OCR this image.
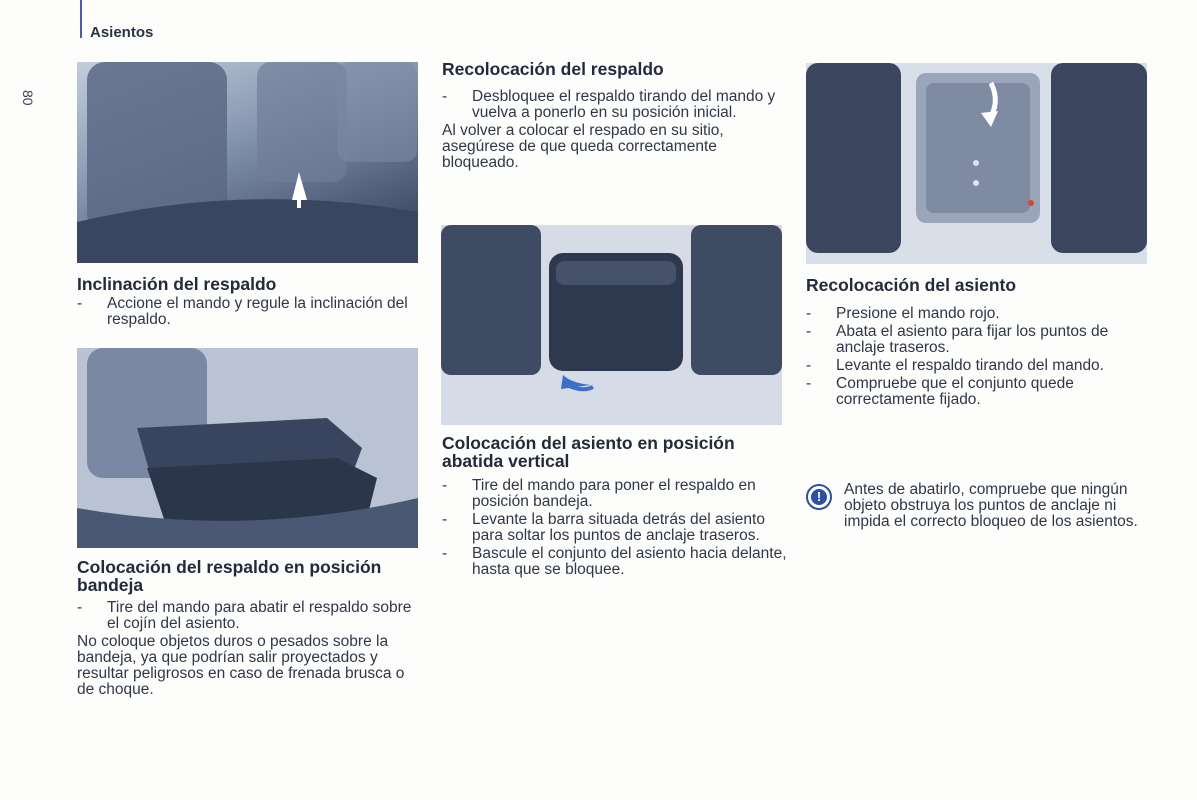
Asientos
80
Inclinación del respaldo
- Accione el mando y regule la inclinación del respaldo.
Colocación del respaldo en posición bandeja
- Tire del mando para abatir el respaldo sobre el cojín del asiento.

No coloque objetos duros o pesados sobre la bandeja, ya que podrían salir proyectados y resultar peligrosos en caso de frenada brusca o de choque.

Recolocación del respaldo
- Desbloquee el respaldo tirando del mando y vuelva a ponerlo en su posición inicial.

Al volver a colocar el respado en su sitio, asegúrese de que queda correctamente bloqueado.

Colocación del asiento en posición abatida vertical
- Tire del mando para poner el respaldo en posición bandeja.
- Levante la barra situada detrás del asiento para soltar los puntos de anclaje traseros.
- Bascule el conjunto del asiento hacia delante, hasta que se bloquee.
Recolocación del asiento
- Presione el mando rojo.
- Abata el asiento para fijar los puntos de anclaje traseros.
- Levante el respaldo tirando del mando.
- Compruebe que el conjunto quede correctamente fijado.
!	Antes de abatirlo, compruebe que ningún objeto obstruya los puntos de anclaje ni impida el correcto bloqueo de los asientos.
